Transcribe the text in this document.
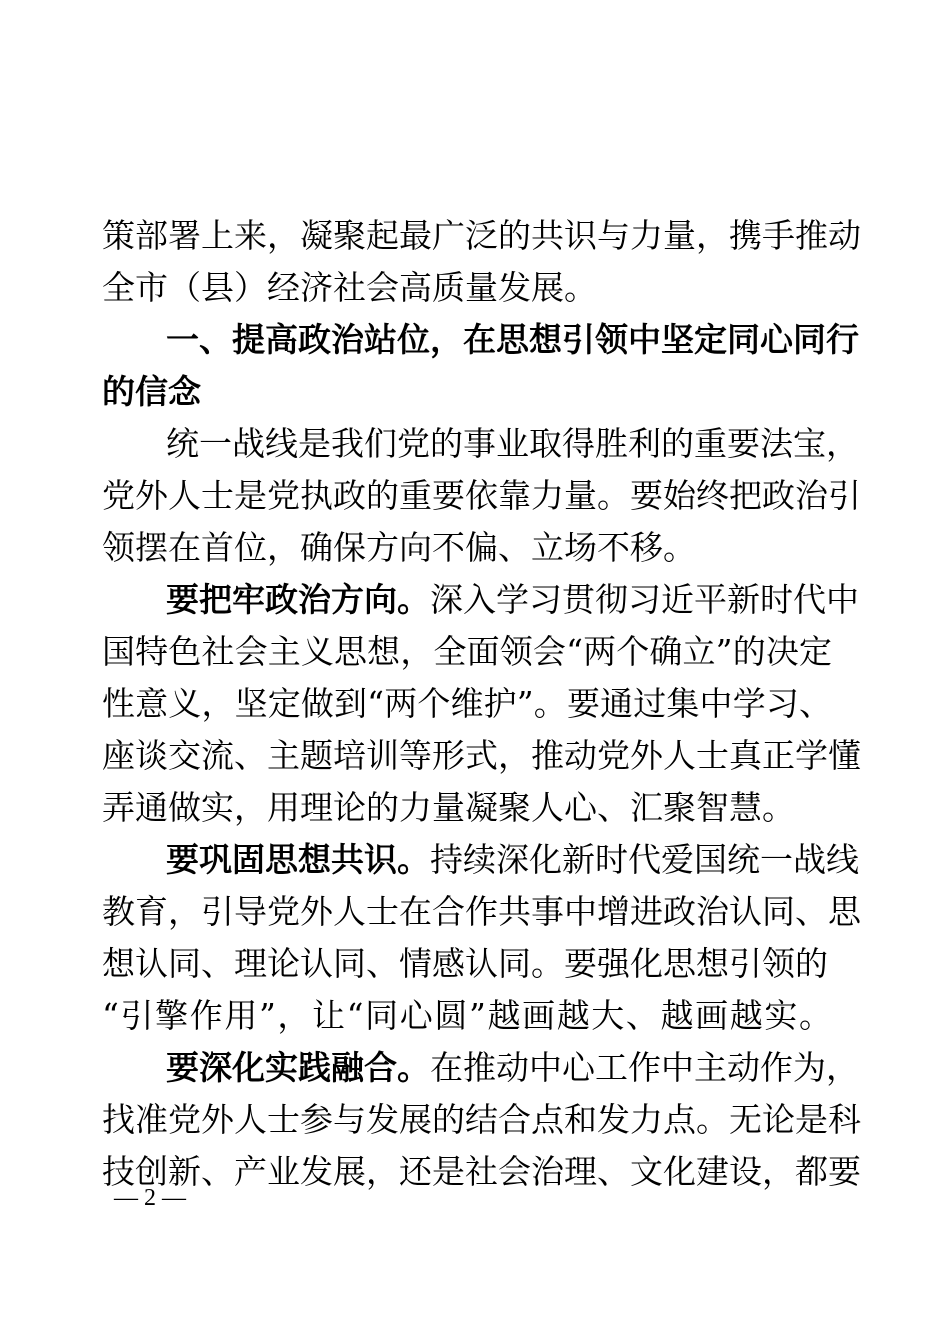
策部署上来，凝聚起最广泛的共识与力量，携手推动
全市（县）经济社会高质量发展。
一、提高政治站位，在思想引领中坚定同心同行
的信念
统一战线是我们党的事业取得胜利的重要法宝，
党外人士是党执政的重要依靠力量。要始终把政治引
领摆在首位，确保方向不偏、立场不移。
要把牢政治方向。深入学习贯彻习近平新时代中
国特色社会主义思想，全面领会“两个确立”的决定
性意义，坚定做到“两个维护”。要通过集中学习、
座谈交流、主题培训等形式，推动党外人士真正学懂
弄通做实，用理论的力量凝聚人心、汇聚智慧。
要巩固思想共识。持续深化新时代爱国统一战线
教育，引导党外人士在合作共事中增进政治认同、思
想认同、理论认同、情感认同。要强化思想引领的
“引擎作用”，让“同心圆”越画越大、越画越实。
要深化实践融合。在推动中心工作中主动作为，
找准党外人士参与发展的结合点和发力点。无论是科
技创新、产业发展，还是社会治理、文化建设，都要
— 2 —
